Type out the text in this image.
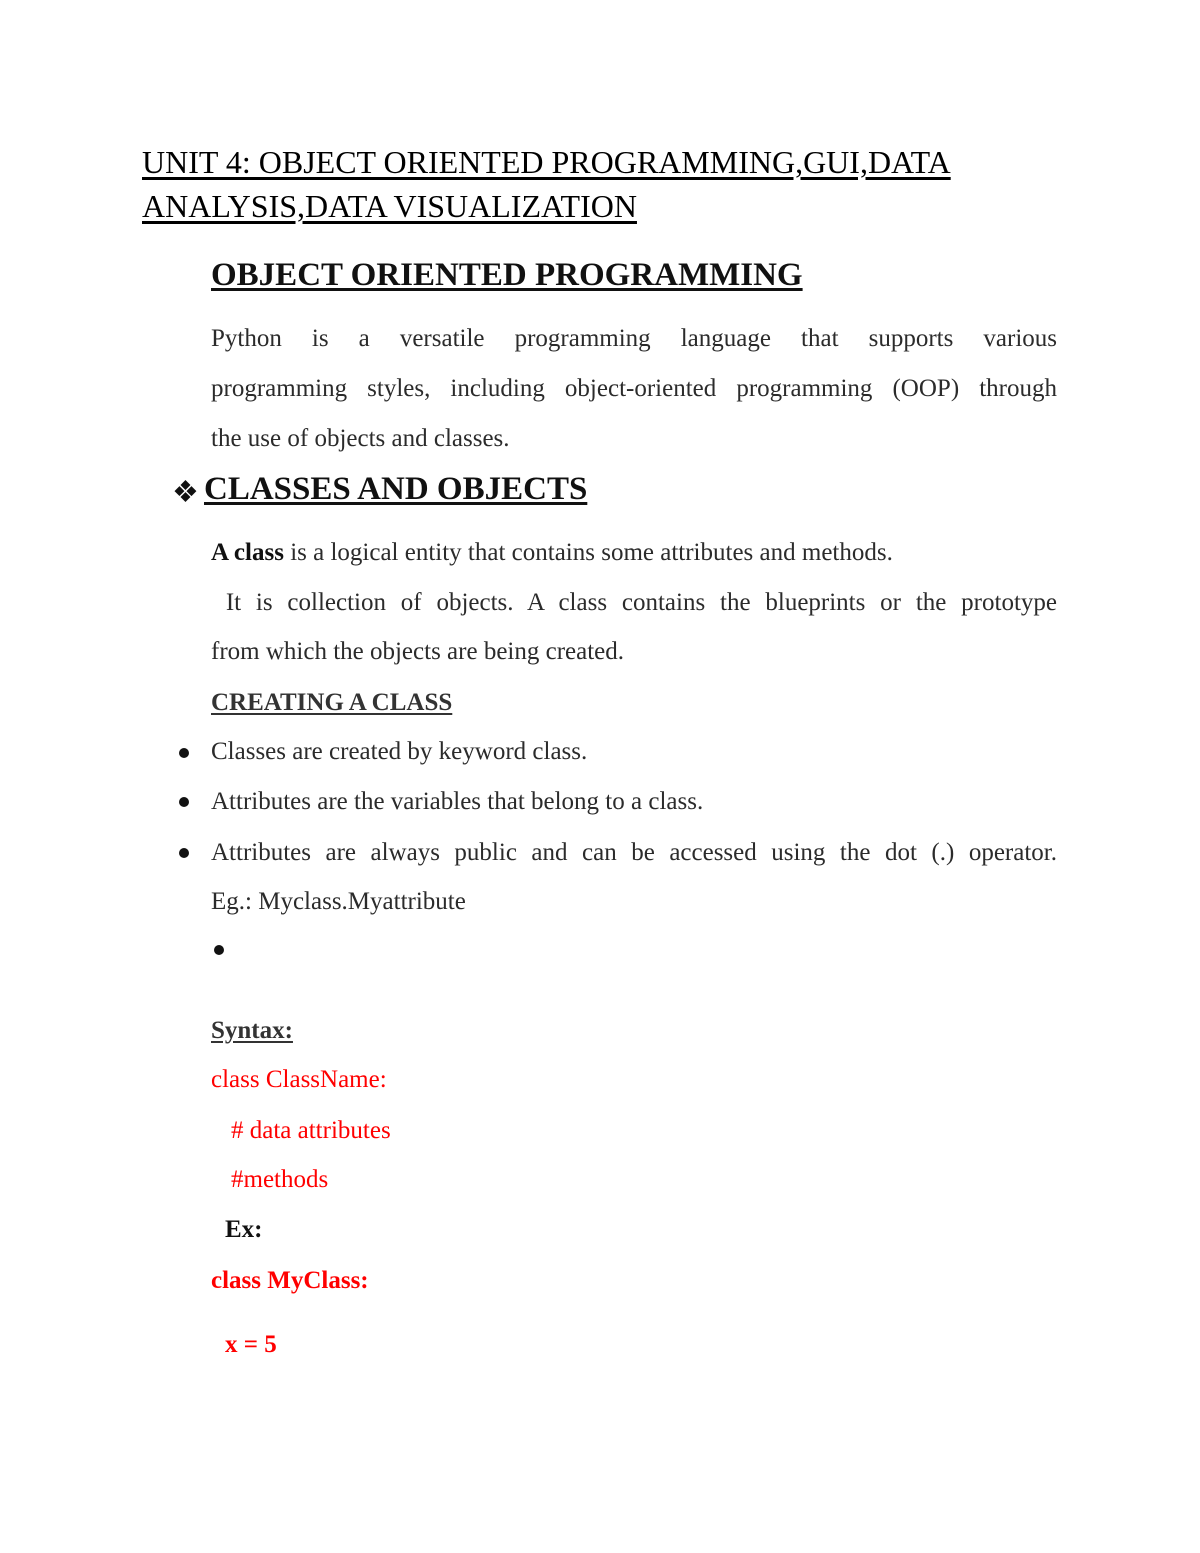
UNIT 4: OBJECT ORIENTED PROGRAMMING,GUI,DATA
ANALYSIS,DATA VISUALIZATION
OBJECT ORIENTED PROGRAMMING
Python is a versatile programming language that supports various
programming styles, including object-oriented programming (OOP) through
the use of objects and classes.
❖ CLASSES AND OBJECTS
A class is a logical entity that contains some attributes and methods.
It is collection of objects. A class contains the blueprints or the prototype
from which the objects are being created.
CREATING A CLASS
Classes are created by keyword class.
Attributes are the variables that belong to a class.
Attributes are always public and can be accessed using the dot (.) operator.
Eg.: Myclass.Myattribute
Syntax:
class ClassName:
# data attributes
#methods
Ex:
class MyClass:
x = 5
